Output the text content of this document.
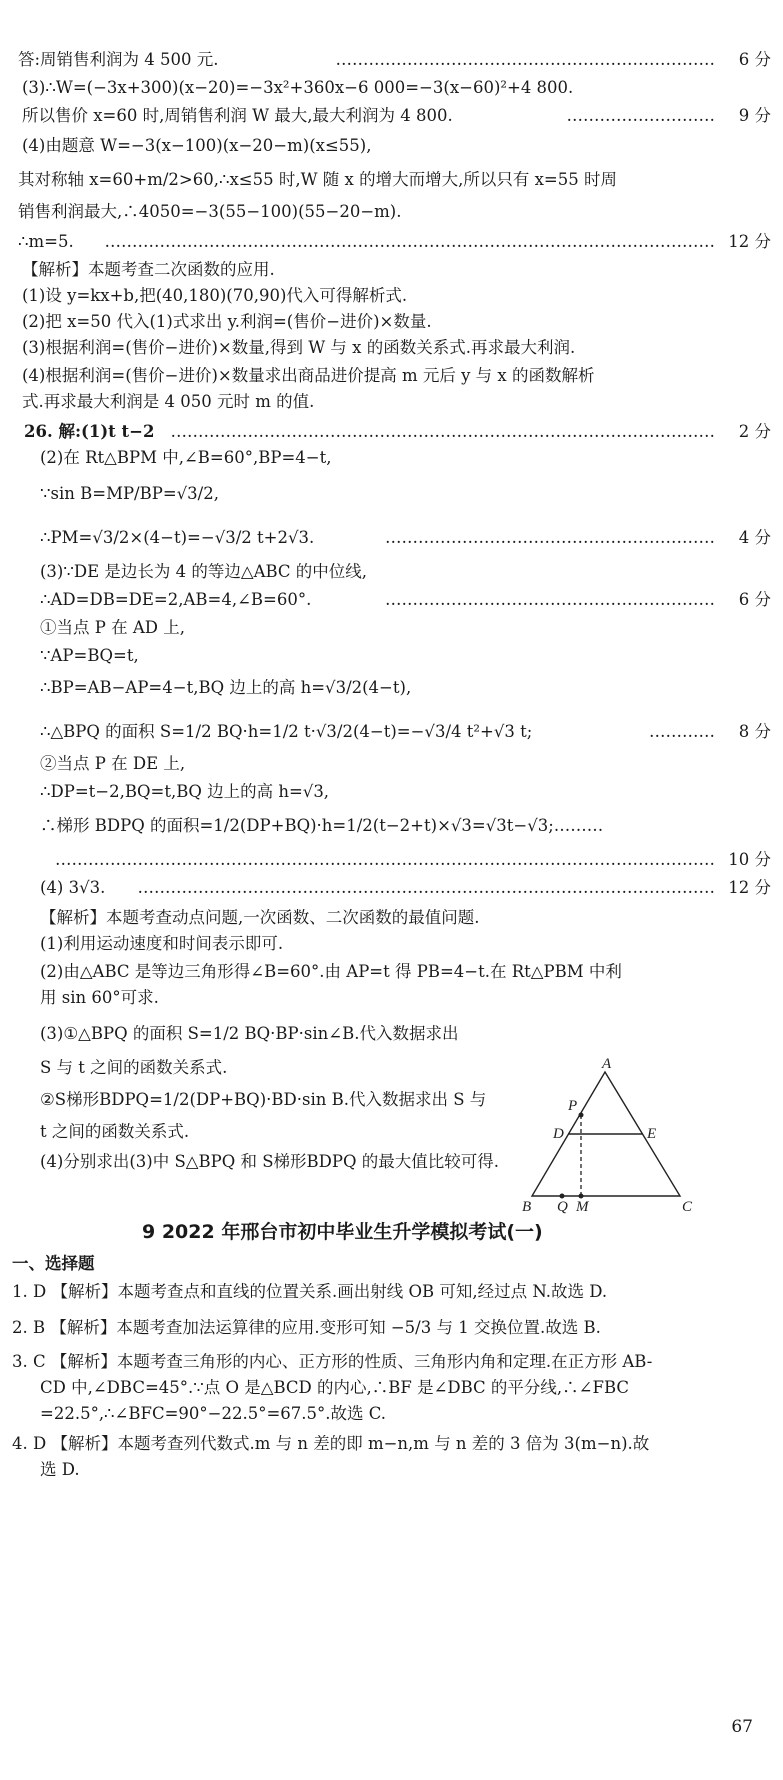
答:周销售利润为 4 500 元.	…………………………………………………………… 6 分
(3)∴W=(−3x+300)(x−20)=−3x²+360x−6 000=−3(x−60)²+4 800.
所以售价 x=60 时,周销售利润 W 最大,最大利润为 4 800.	……………………… 9 分
(4)由题意 W=−3(x−100)(x−20−m)(x≤55),
其对称轴 x=60+m/2>60,∴x≤55 时,W 随 x 的增大而增大,所以只有 x=55 时周
销售利润最大,∴4050=−3(55−100)(55−20−m).
∴m=5. ………………………………………………………………………………………………… 12 分
【解析】本题考查二次函数的应用.
(1)设 y=kx+b,把(40,180)(70,90)代入可得解析式.
(2)把 x=50 代入(1)式求出 y.利润=(售价−进价)×数量.
(3)根据利润=(售价−进价)×数量,得到 W 与 x 的函数关系式.再求最大利润.
(4)根据利润=(售价−进价)×数量求出商品进价提高 m 元后 y 与 x 的函数解析
式.再求最大利润是 4 050 元时 m 的值.
26. 解:(1)t t−2 ……………………………………………………………………………………… 2 分
(2)在 Rt△BPM 中,∠B=60°,BP=4−t,
∵sin B=MP/BP=√3/2,
∴PM=√3/2×(4−t)=−√3/2 t+2√3.	…………………………………………………… 4 分
(3)∵DE 是边长为 4 的等边△ABC 的中位线,
∴AD=DB=DE=2,AB=4,∠B=60°.	…………………………………………………… 6 分
①当点 P 在 AD 上,
∵AP=BQ=t,
∴BP=AB−AP=4−t,BQ 边上的高 h=√3/2(4−t),
∴△BPQ 的面积 S=1/2 BQ·h=1/2 t·√3/2(4−t)=−√3/4 t²+√3 t;	………… 8 分
②当点 P 在 DE 上,
∴DP=t−2,BQ=t,BQ 边上的高 h=√3,
∴梯形 BDPQ 的面积=1/2(DP+BQ)·h=1/2(t−2+t)×√3=√3t−√3;………
………………………………………………………………………………………………………… 10 分
(4) 3√3. …………………………………………………………………………………………… 12 分
【解析】本题考查动点问题,一次函数、二次函数的最值问题.
(1)利用运动速度和时间表示即可.
(2)由△ABC 是等边三角形得∠B=60°.由 AP=t 得 PB=4−t.在 Rt△PBM 中利
用 sin 60°可求.
(3)①△BPQ 的面积 S=1/2 BQ·BP·sin∠B.代入数据求出
S 与 t 之间的函数关系式.
②S梯形BDPQ=1/2(DP+BQ)·BD·sin B.代入数据求出 S 与
t 之间的函数关系式.
(4)分别求出(3)中 S△BPQ 和 S梯形BDPQ 的最大值比较可得.
A
P
D	E
B Q M	C
9 2022 年邢台市初中毕业生升学模拟考试(一)
一、选择题
1. D 【解析】本题考查点和直线的位置关系.画出射线 OB 可知,经过点 N.故选 D.
2. B 【解析】本题考查加法运算律的应用.变形可知 −5/3 与 1 交换位置.故选 B.
3. C 【解析】本题考查三角形的内心、正方形的性质、三角形内角和定理.在正方形 AB-
CD 中,∠DBC=45°.∵点 O 是△BCD 的内心,∴BF 是∠DBC 的平分线,∴∠FBC
=22.5°,∴∠BFC=90°−22.5°=67.5°.故选 C.
4. D 【解析】本题考查列代数式.m 与 n 差的即 m−n,m 与 n 差的 3 倍为 3(m−n).故
选 D.
67
